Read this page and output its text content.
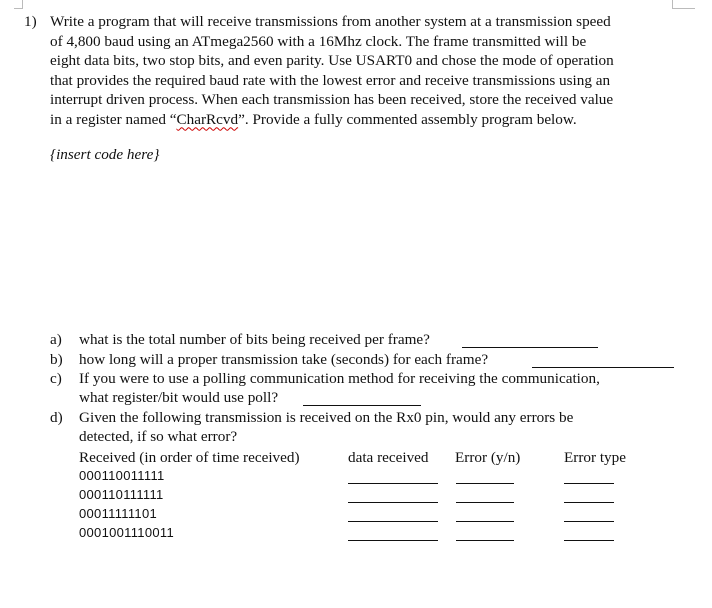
1) Write a program that will receive transmissions from another system at a transmission speed
of 4,800 baud using an ATmega2560 with a 16Mhz clock. The frame transmitted will be
eight data bits, two stop bits, and even parity. Use USART0 and chose the mode of operation
that provides the required baud rate with the lowest error and receive transmissions using an
interrupt driven process. When each transmission has been received, store the received value
in a register named “CharRcvd”. Provide a fully commented assembly program below.
{insert code here}
a) what is the total number of bits being received per frame?
b) how long will a proper transmission take (seconds) for each frame?
c) If you were to use a polling communication method for receiving the communication,
what register/bit would use poll?
d) Given the following transmission is received on the Rx0 pin, would any errors be
detected, if so what error?
Received (in order of time received)	data received Error (y/n)	Error type
000110011111
000110111111
00011111101
0001001110011
